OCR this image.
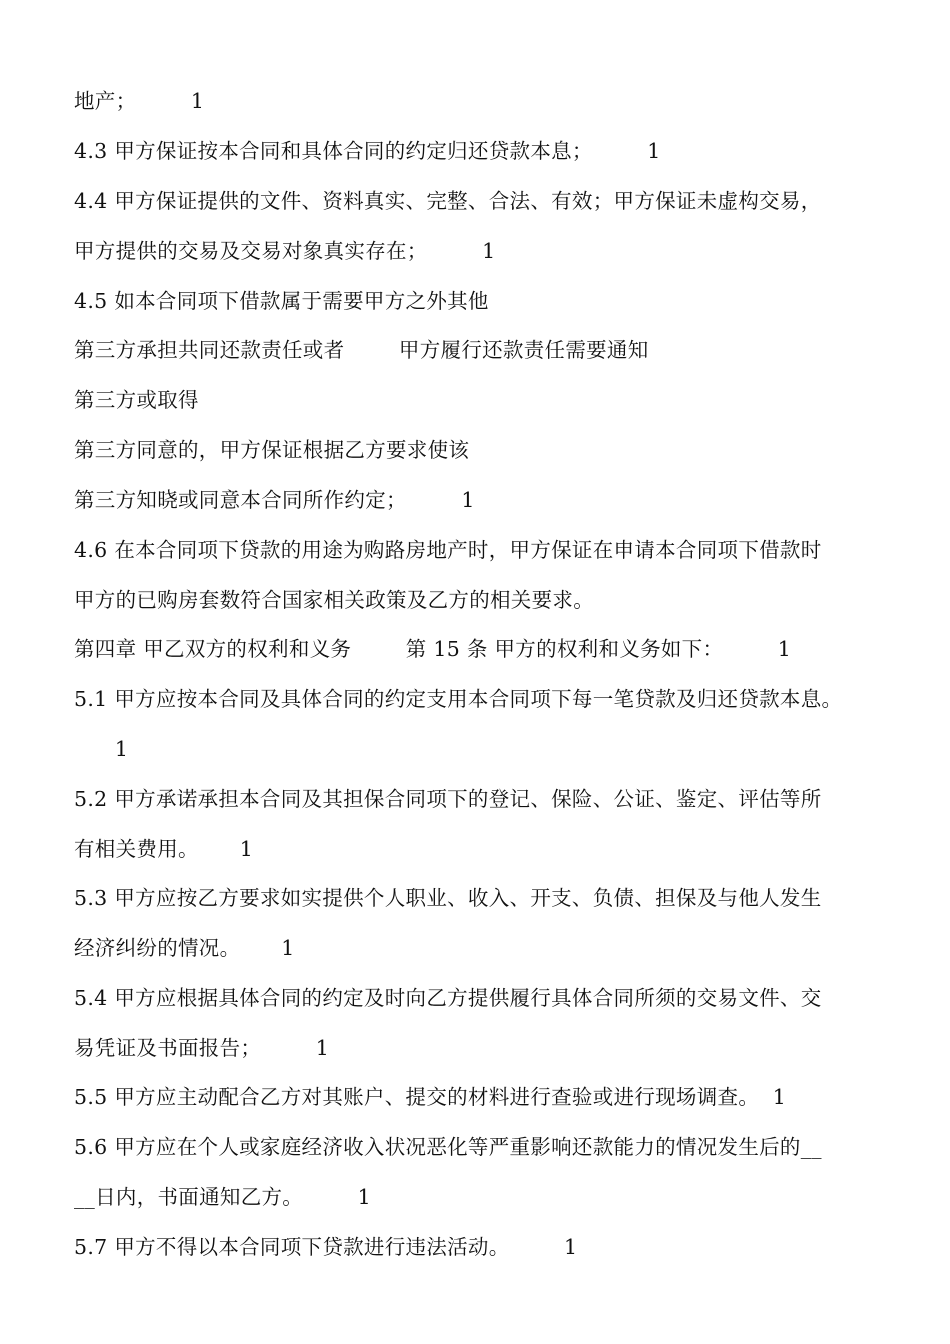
地产；        1
4.3 甲方保证按本合同和具体合同的约定归还贷款本息；        1
4.4 甲方保证提供的文件、资料真实、完整、合法、有效；甲方保证未虚构交易，
甲方提供的交易及交易对象真实存在；        1
4.5 如本合同项下借款属于需要甲方之外其他
第三方承担共同还款责任或者        甲方履行还款责任需要通知
第三方或取得
第三方同意的，甲方保证根据乙方要求使该
第三方知晓或同意本合同所作约定；        1
4.6 在本合同项下贷款的用途为购路房地产时，甲方保证在申请本合同项下借款时
甲方的已购房套数符合国家相关政策及乙方的相关要求。
第四章 甲乙双方的权利和义务        第 15 条 甲方的权利和义务如下：        1
5.1 甲方应按本合同及具体合同的约定支用本合同项下每一笔贷款及归还贷款本息。
1
5.2 甲方承诺承担本合同及其担保合同项下的登记、保险、公证、鉴定、评估等所
有相关费用。      1
5.3 甲方应按乙方要求如实提供个人职业、收入、开支、负债、担保及与他人发生
经济纠纷的情况。      1
5.4 甲方应根据具体合同的约定及时向乙方提供履行具体合同所须的交易文件、交
易凭证及书面报告；        1
5.5 甲方应主动配合乙方对其账户、提交的材料进行查验或进行现场调查。  1
5.6 甲方应在个人或家庭经济收入状况恶化等严重影响还款能力的情况发生后的__
__日内，书面通知乙方。        1
5.7 甲方不得以本合同项下贷款进行违法活动。        1
